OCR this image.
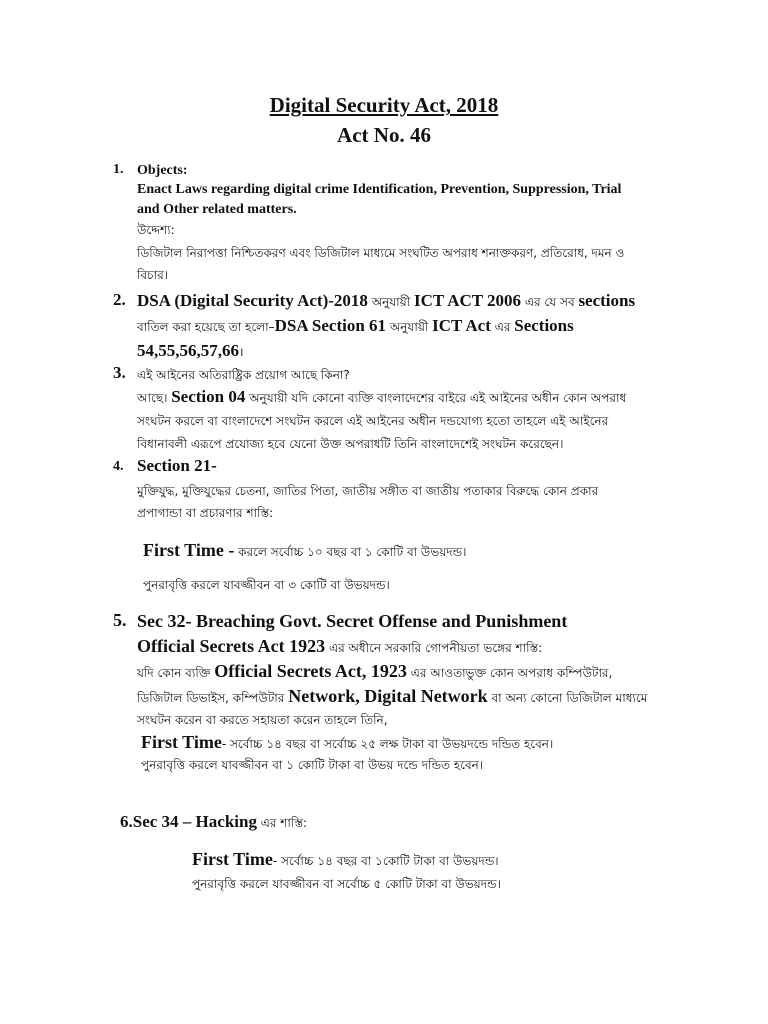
Digital Security Act, 2018
Act No. 46
1. Objects:
Enact Laws regarding digital crime Identification, Prevention, Suppression, Trial
and Other related matters.
উদ্দেশ্য:
ডিজিটাল নিরাপত্তা নিশ্চিতকরণ এবং ডিজিটাল মাধ্যমে সংঘটিত অপরাধ শনাক্তকরণ, প্রতিরোধ, দমন ও
বিচার।
2. DSA (Digital Security Act)-2018 অনুযায়ী ICT ACT 2006 এর যে সব sections
বাতিল করা হয়েছে তা হলো–DSA Section 61 অনুযায়ী ICT Act এর Sections
54,55,56,57,66।
3. এই আইনের অতিরাষ্ট্রিক প্রয়োগ আছে কিনা?
আছে। Section 04 অনুযায়ী যদি কোনো ব্যক্তি বাংলাদেশের বাইরে এই আইনের অধীন কোন অপরাধ
সংঘটন করলে বা বাংলাদেশে সংঘটন করলে এই আইনের অধীন দন্ডযোগ্য হতো তাহলে এই আইনের
বিধানাবলী এরূপে প্রযোজ্য হবে যেনো উক্ত অপরাধটি তিনি বাংলাদেশেই সংঘটন করেছেন।
4. Section 21-
মুক্তিযুদ্ধ, মুক্তিযুদ্ধের চেতনা, জাতির পিতা, জাতীয় সঙ্গীত বা জাতীয় পতাকার বিরুদ্ধে কোন প্রকার
প্রপাগান্ডা বা প্রচারণার শাস্তি:
First Time - করলে সর্বোচ্চ ১০ বছর বা ১ কোটি বা উভয়দন্ড।
পুনরাবৃত্তি করলে যাবজ্জীবন বা ৩ কোটি বা উভয়দন্ড।
5. Sec 32- Breaching Govt. Secret Offense and Punishment
Official Secrets Act 1923 এর অধীনে সরকারি গোপনীয়তা ভঙ্গের শাস্তি:
যদি কোন ব্যক্তি Official Secrets Act, 1923 এর আওতাভুক্ত কোন অপরাধ কম্পিউটার,
ডিজিটাল ডিভাইস, কম্পিউটার Network, Digital Network বা অন্য কোনো ডিজিটাল মাধ্যমে
সংঘটন করেন বা করতে সহায়তা করেন তাহলে তিনি,
First Time- সর্বোচ্চ ১৪ বছর বা সর্বোচ্চ ২৫ লক্ষ টাকা বা উভয়দন্ডে দন্ডিত হবেন।
পুনরাবৃত্তি করলে যাবজ্জীবন বা ১ কোটি টাকা বা উভয় দন্ডে দন্ডিত হবেন।
6.Sec 34 – Hacking এর শাস্তি:
First Time- সর্বোচ্চ ১৪ বছর বা ১কোটি টাকা বা উভয়দন্ড।
পুনরাবৃত্তি করলে যাবজ্জীবন বা সর্বোচ্চ ৫ কোটি টাকা বা উভয়দন্ড।
